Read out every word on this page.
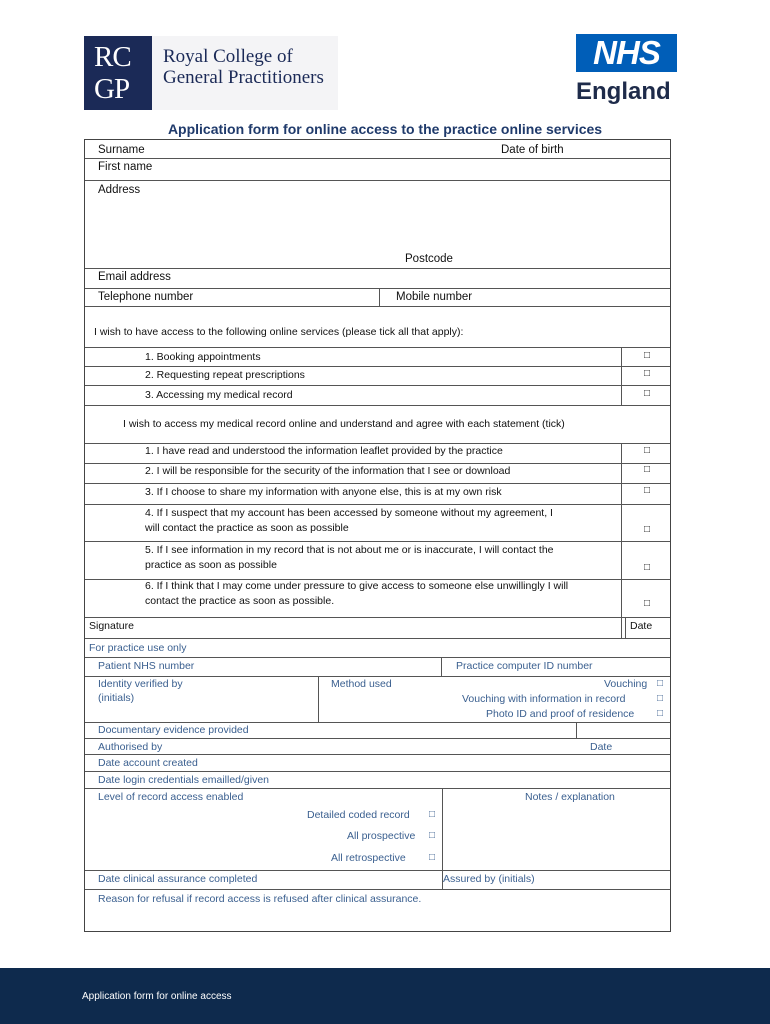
RC
GP
Royal College of
General Practitioners
NHS
England
Application form for online access to the practice online services
Surname	Date of birth
First name
Address
Postcode
Email address
Telephone number	Mobile number
I wish to have access to the following online services (please tick all that apply):
1. Booking appointments	□
2. Requesting repeat prescriptions	□
3. Accessing my medical record	□
I wish to access my medical record online and understand and agree with each statement (tick)
1. I have read and understood the information leaflet provided by the practice	□
2. I will be responsible for the security of the information that I see or download	□
3. If I choose to share my information with anyone else, this is at my own risk	□
4. If I suspect that my account has been accessed by someone without my agreement, I will contact the practice as soon as possible	□
5. If I see information in my record that is not about me or is inaccurate, I will contact the practice as soon as possible	□
6. If I think that I may come under pressure to give access to someone else unwillingly I will contact the practice as soon as possible.	□
Signature	Date
For practice use only
Patient NHS number	Practice computer ID number
Identity verified by
(initials)
Method used	Vouching □
Vouching with information in record	□
Photo ID and proof of residence □
Documentary evidence provided
Authorised by	Date
Date account created
Date login credentials emailled/given
Level of record access enabled	Notes / explanation
Detailed coded record □
All prospective □
All retrospective □
Date clinical assurance completed	Assured by (initials)
Reason for refusal if record access is refused after clinical assurance.
Application form for online access
